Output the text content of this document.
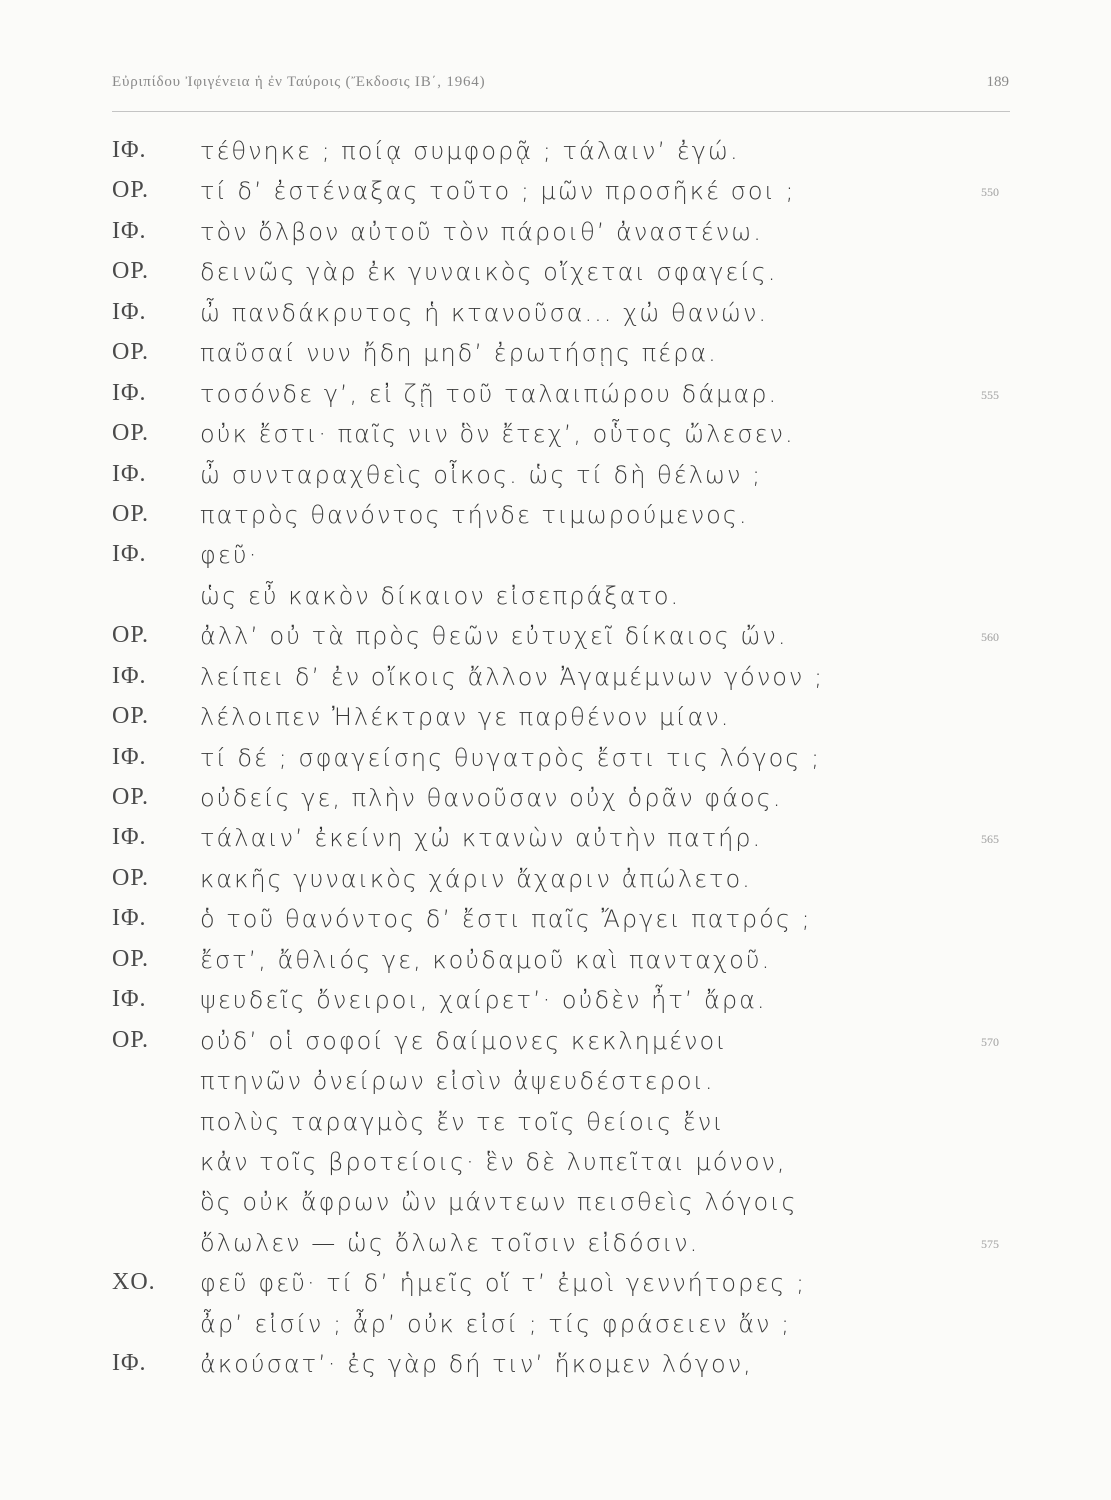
Εὐριπίδου Ἰφιγένεια ἡ ἐν Ταύροις (Ἔκδοσις ΙΒ΄, 1964)	189
ΙΦ. τέθνηκε ; ποίᾳ συμφορᾷ ; τάλαιν’ ἐγώ.
ΟΡ. τί δ’ ἐστέναξας τοῦτο ; μῶν προσῆκέ σοι ;	550
ΙΦ. τὸν ὄλβον αὐτοῦ τὸν πάροιθ’ ἀναστένω.
ΟΡ. δεινῶς γὰρ ἐκ γυναικὸς οἴχεται σφαγείς.
ΙΦ. ὦ πανδάκρυτος ἡ κτανοῦσα... χὠ θανών.
ΟΡ. παῦσαί νυν ἤδη μηδ’ ἐρωτήσῃς πέρα.
ΙΦ. τοσόνδε γ’, εἰ ζῇ τοῦ ταλαιπώρου δάμαρ.	555
ΟΡ. οὐκ ἔστι· παῖς νιν ὃν ἔτεχ’, οὗτος ὤλεσεν.
ΙΦ. ὦ συνταραχθεὶς οἶκος. ὡς τί δὴ θέλων ;
ΟΡ. πατρὸς θανόντος τήνδε τιμωρούμενος.
ΙΦ. φεῦ·
ὡς εὖ κακὸν δίκαιον εἰσεπράξατο.
ΟΡ. ἀλλ’ οὐ τὰ πρὸς θεῶν εὐτυχεῖ δίκαιος ὤν.	560
ΙΦ. λείπει δ’ ἐν οἴκοις ἄλλον Ἀγαμέμνων γόνον ;
ΟΡ. λέλοιπεν Ἠλέκτραν γε παρθένον μίαν.
ΙΦ. τί δέ ; σφαγείσης θυγατρὸς ἔστι τις λόγος ;
ΟΡ. οὐδείς γε, πλὴν θανοῦσαν οὐχ ὁρᾶν φάος.
ΙΦ. τάλαιν’ ἐκείνη χὠ κτανὼν αὐτὴν πατήρ.	565
ΟΡ. κακῆς γυναικὸς χάριν ἄχαριν ἀπώλετο.
ΙΦ. ὁ τοῦ θανόντος δ’ ἔστι παῖς Ἄργει πατρός ;
ΟΡ. ἔστ’, ἄθλιός γε, κοὐδαμοῦ καὶ πανταχοῦ.
ΙΦ. ψευδεῖς ὄνειροι, χαίρετ’· οὐδὲν ἦτ’ ἄρα.
ΟΡ. οὐδ’ οἱ σοφοί γε δαίμονες κεκλημένοι	570
πτηνῶν ὀνείρων εἰσὶν ἀψευδέστεροι.
πολὺς ταραγμὸς ἔν τε τοῖς θείοις ἔνι
κἀν τοῖς βροτείοις· ἓν δὲ λυπεῖται μόνον,
ὃς οὐκ ἄφρων ὢν μάντεων πεισθεὶς λόγοις
ὄλωλεν — ὡς ὄλωλε τοῖσιν εἰδόσιν.	575
ΧΟ. φεῦ φεῦ· τί δ’ ἡμεῖς οἵ τ’ ἐμοὶ γεννήτορες ;
ἆρ’ εἰσίν ; ἆρ’ οὐκ εἰσί ; τίς φράσειεν ἄν ;
ΙΦ. ἀκούσατ’· ἐς γὰρ δή τιν’ ἥκομεν λόγον,
